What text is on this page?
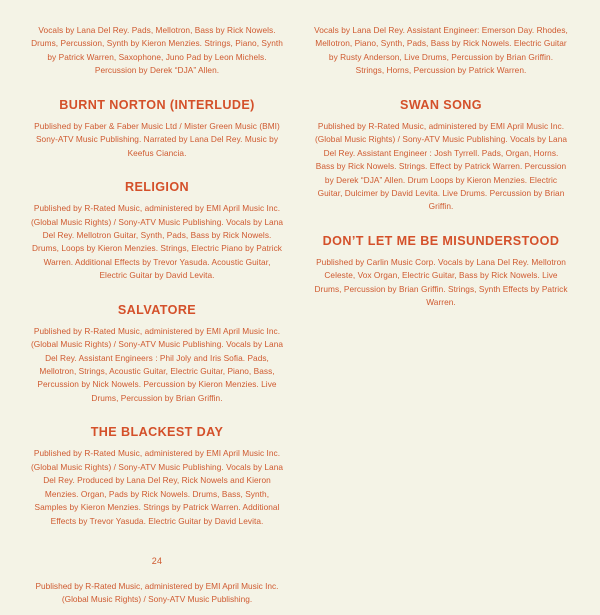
Vocals by Lana Del Rey. Pads, Mellotron, Bass by Rick Nowels. Drums, Percussion, Synth by Kieron Menzies. Strings, Piano, Synth by Patrick Warren, Saxophone, Juno Pad by Leon Michels. Percussion by Derek “DJA” Allen.

BURNT NORTON (INTERLUDE)

Published by Faber & Faber Music Ltd / Mister Green Music (BMI) Sony-ATV Music Publishing. Narrated by Lana Del Rey. Music by Keefus Ciancia.

RELIGION

Published by R-Rated Music, administered by EMI April Music Inc. (Global Music Rights) / Sony-ATV Music Publishing. Vocals by Lana Del Rey. Mellotron Guitar, Synth, Pads, Bass by Rick Nowels. Drums, Loops by Kieron Menzies. Strings, Electric Piano by Patrick Warren. Additional Effects by Trevor Yasuda. Acoustic Guitar, Electric Guitar by David Levita.

SALVATORE

Published by R-Rated Music, administered by EMI April Music Inc. (Global Music Rights) / Sony-ATV Music Publishing. Vocals by Lana Del Rey. Assistant Engineers : Phil Joly and Iris Sofia. Pads, Mellotron, Strings, Acoustic Guitar, Electric Guitar, Piano, Bass, Percussion by Nick Nowels. Percussion by Kieron Menzies. Live Drums, Percussion by Brian Griffin.

THE BLACKEST DAY

Published by R-Rated Music, administered by EMI April Music Inc. (Global Music Rights) / Sony-ATV Music Publishing. Vocals by Lana Del Rey. Produced by Lana Del Rey, Rick Nowels and Kieron Menzies. Organ, Pads by Rick Nowels. Drums, Bass, Synth, Samples by Kieron Menzies. Strings by Patrick Warren. Additional Effects by Trevor Yasuda. Electric Guitar by David Levita.

24

Published by R-Rated Music, administered by EMI April Music Inc. (Global Music Rights) / Sony-ATV Music Publishing.

Vocals by Lana Del Rey. Assistant Engineer: Emerson Day. Rhodes, Mellotron, Piano, Synth, Pads, Bass by Rick Nowels. Electric Guitar by Rusty Anderson, Live Drums, Percussion by Brian Griffin. Strings, Horns, Percussion by Patrick Warren.

SWAN SONG

Published by R-Rated Music, administered by EMI April Music Inc. (Global Music Rights) / Sony-ATV Music Publishing. Vocals by Lana Del Rey. Assistant Engineer : Josh Tyrrell. Pads, Organ, Horns. Bass by Rick Nowels. Strings. Effect by Patrick Warren. Percussion by Derek “DJA” Allen. Drum Loops by Kieron Menzies. Electric Guitar, Dulcimer by David Levita. Live Drums. Percussion by Brian Griffin.

DON’T LET ME BE MISUNDERSTOOD

Published by Carlin Music Corp. Vocals by Lana Del Rey. Mellotron Celeste, Vox Organ, Electric Guitar, Bass by Rick Nowels. Live Drums, Percussion by Brian Griffin. Strings, Synth Effects by Patrick Warren.
